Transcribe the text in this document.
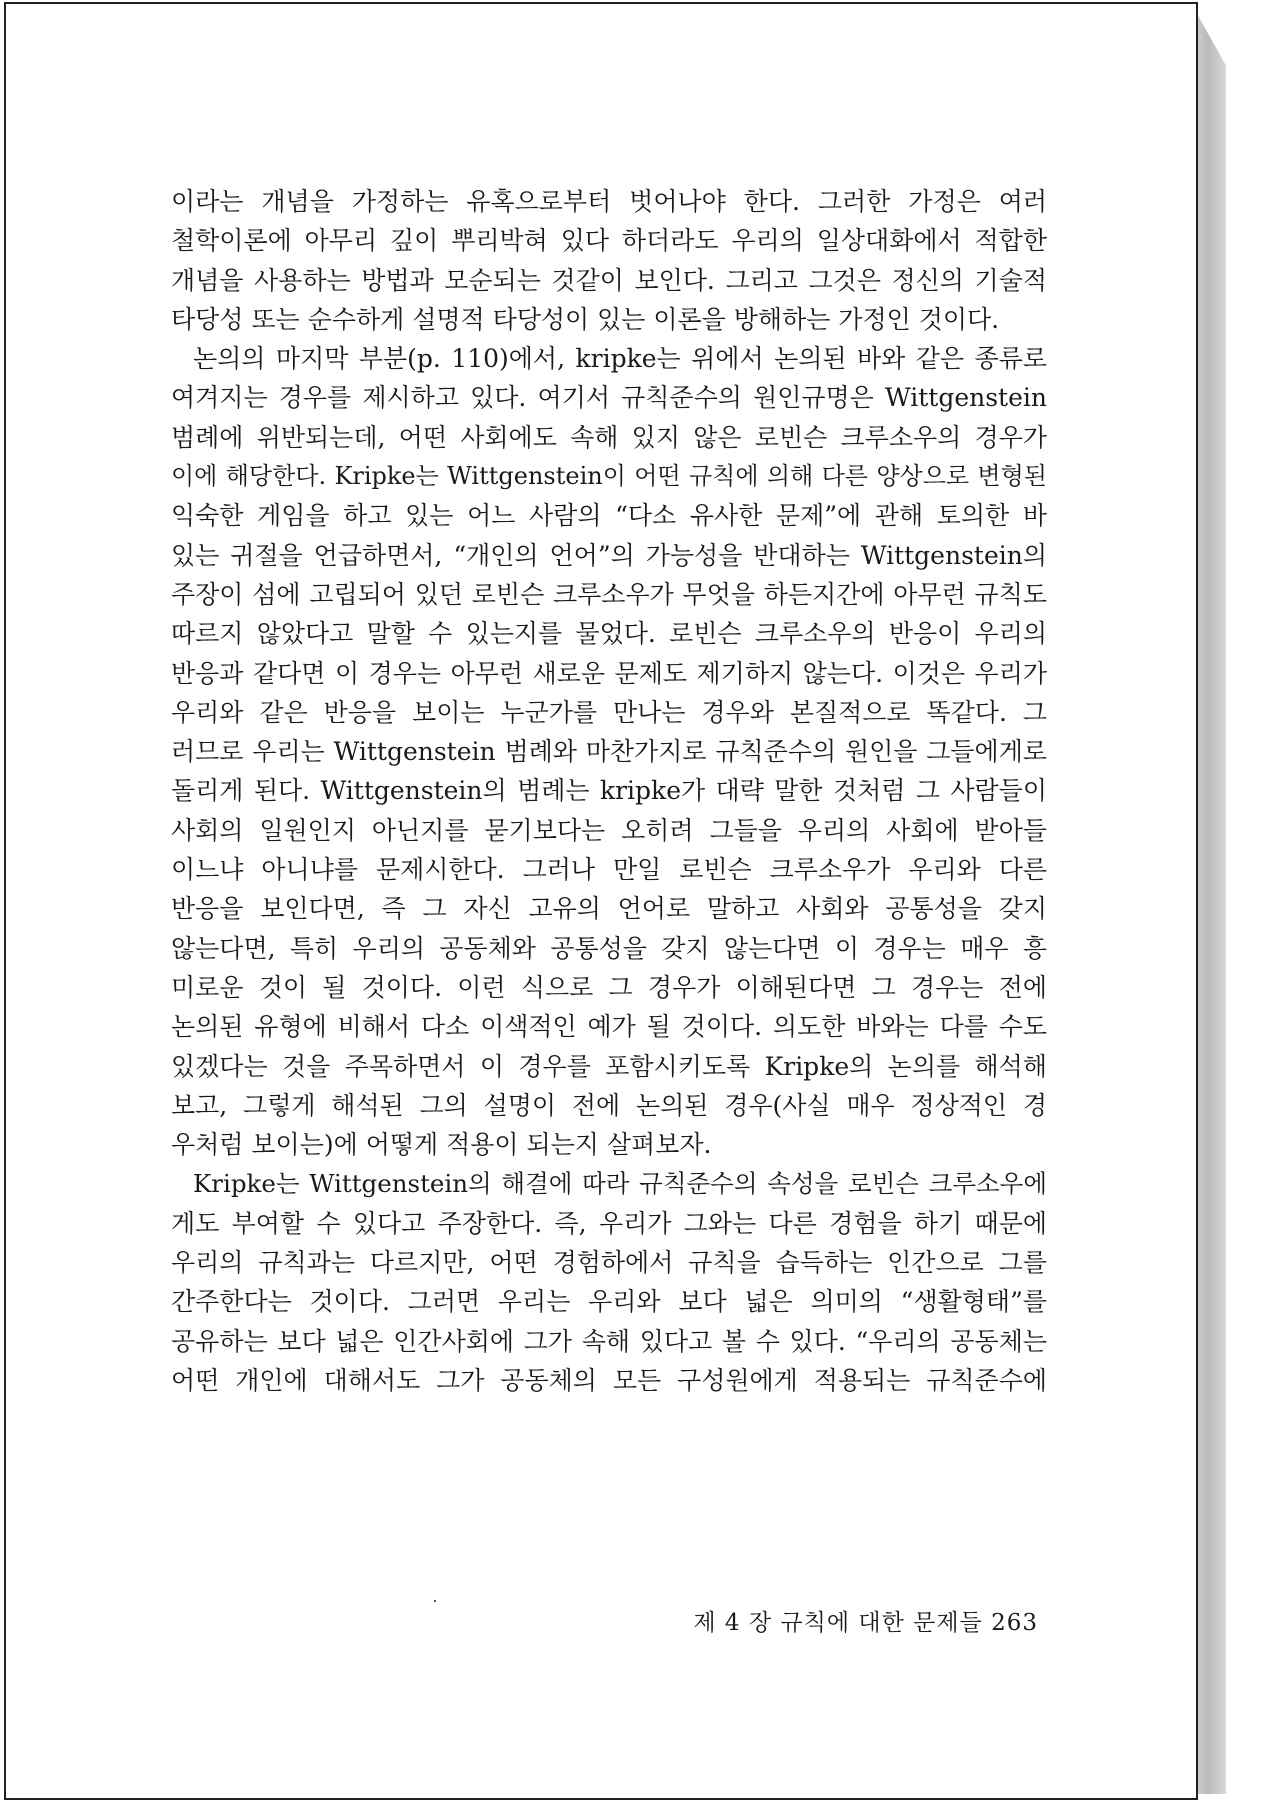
이라는 개념을 가정하는 유혹으로부터 벗어나야 한다. 그러한 가정은 여러

철학이론에 아무리 깊이 뿌리박혀 있다 하더라도 우리의 일상대화에서 적합한

개념을 사용하는 방법과 모순되는 것같이 보인다. 그리고 그것은 정신의 기술적

타당성 또는 순수하게 설명적 타당성이 있는 이론을 방해하는 가정인 것이다.

논의의 마지막 부분(p. 110)에서, kripke는 위에서 논의된 바와 같은 종류로

여겨지는 경우를 제시하고 있다. 여기서 규칙준수의 원인규명은 Wittgenstein

범례에 위반되는데, 어떤 사회에도 속해 있지 않은 로빈슨 크루소우의 경우가

이에 해당한다. Kripke는 Wittgenstein이 어떤 규칙에 의해 다른 양상으로 변형된

익숙한 게임을 하고 있는 어느 사람의 “다소 유사한 문제”에 관해 토의한 바

있는 귀절을 언급하면서, “개인의 언어”의 가능성을 반대하는 Wittgenstein의

주장이 섬에 고립되어 있던 로빈슨 크루소우가 무엇을 하든지간에 아무런 규칙도

따르지 않았다고 말할 수 있는지를 물었다. 로빈슨 크루소우의 반응이 우리의

반응과 같다면 이 경우는 아무런 새로운 문제도 제기하지 않는다. 이것은 우리가

우리와 같은 반응을 보이는 누군가를 만나는 경우와 본질적으로 똑같다. 그

러므로 우리는 Wittgenstein 범례와 마찬가지로 규칙준수의 원인을 그들에게로

돌리게 된다. Wittgenstein의 범례는 kripke가 대략 말한 것처럼 그 사람들이

사회의 일원인지 아닌지를 묻기보다는 오히려 그들을 우리의 사회에 받아들

이느냐 아니냐를 문제시한다. 그러나 만일 로빈슨 크루소우가 우리와 다른

반응을 보인다면, 즉 그 자신 고유의 언어로 말하고 사회와 공통성을 갖지

않는다면, 특히 우리의 공동체와 공통성을 갖지 않는다면 이 경우는 매우 흥

미로운 것이 될 것이다. 이런 식으로 그 경우가 이해된다면 그 경우는 전에

논의된 유형에 비해서 다소 이색적인 예가 될 것이다. 의도한 바와는 다를 수도

있겠다는 것을 주목하면서 이 경우를 포함시키도록 Kripke의 논의를 해석해

보고, 그렇게 해석된 그의 설명이 전에 논의된 경우(사실 매우 정상적인 경

우처럼 보이는)에 어떻게 적용이 되는지 살펴보자.

Kripke는 Wittgenstein의 해결에 따라 규칙준수의 속성을 로빈슨 크루소우에

게도 부여할 수 있다고 주장한다. 즉, 우리가 그와는 다른 경험을 하기 때문에

우리의 규칙과는 다르지만, 어떤 경험하에서 규칙을 습득하는 인간으로 그를

간주한다는 것이다. 그러면 우리는 우리와 보다 넓은 의미의 “생활형태”를

공유하는 보다 넓은 인간사회에 그가 속해 있다고 볼 수 있다. “우리의 공동체는

어떤 개인에 대해서도 그가 공동체의 모든 구성원에게 적용되는 규칙준수에

제 4 장 규칙에 대한 문제들 263
